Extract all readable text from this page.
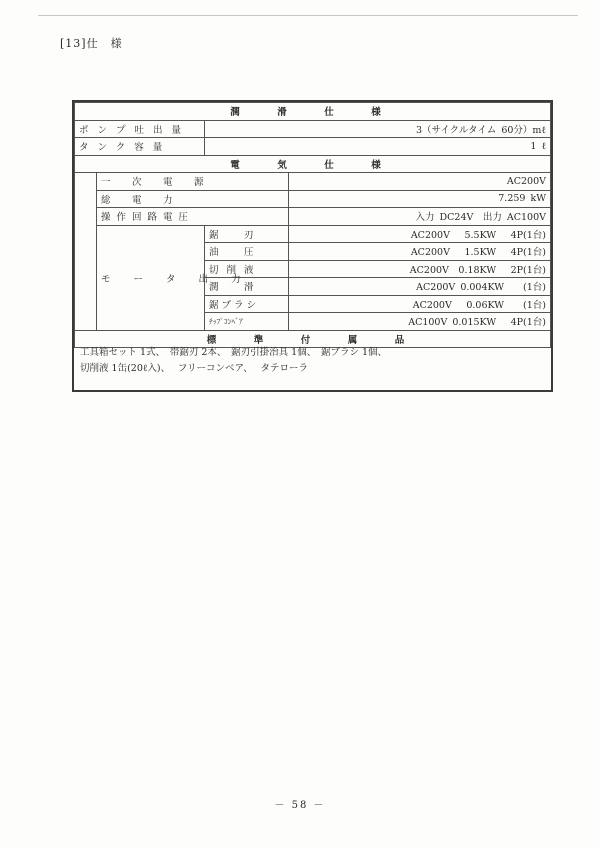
[13]仕　様
潤　滑　仕　様			
ポンプ吐出量		3（サイクルタイム 60分）mℓ	
タンク容量		1 ℓ	
電　気　仕　様			
	一　次　電　源		AC200V
	総　電　力		7.259 kW
	操作回路電圧		入力 DC24V　出力 AC100V
	モ ー タ 出 力	鋸　刃	AC200V　 5.5KW　 4P(1台)
		油　圧	AC200V　 1.5KW　 4P(1台)
		切削液	AC200V　0.18KW　 2P(1台)
		潤　滑	AC200V 0.004KW　　(1台)
		鋸ブラシ	AC200V　 0.06KW　　(1台)
		ﾁｯﾌﾟｺﾝﾍﾞｱ	AC100V 0.015KW　 4P(1台)
標　準　付　属　品			
工具箱セット 1式、　帯鋸刃 2本、　鋸刃引掛治具 1個、　鋸ブラシ 1個、
切削液 1缶(20ℓ入)、　 フリーコンベア、　 タテローラ
－ 58 －
